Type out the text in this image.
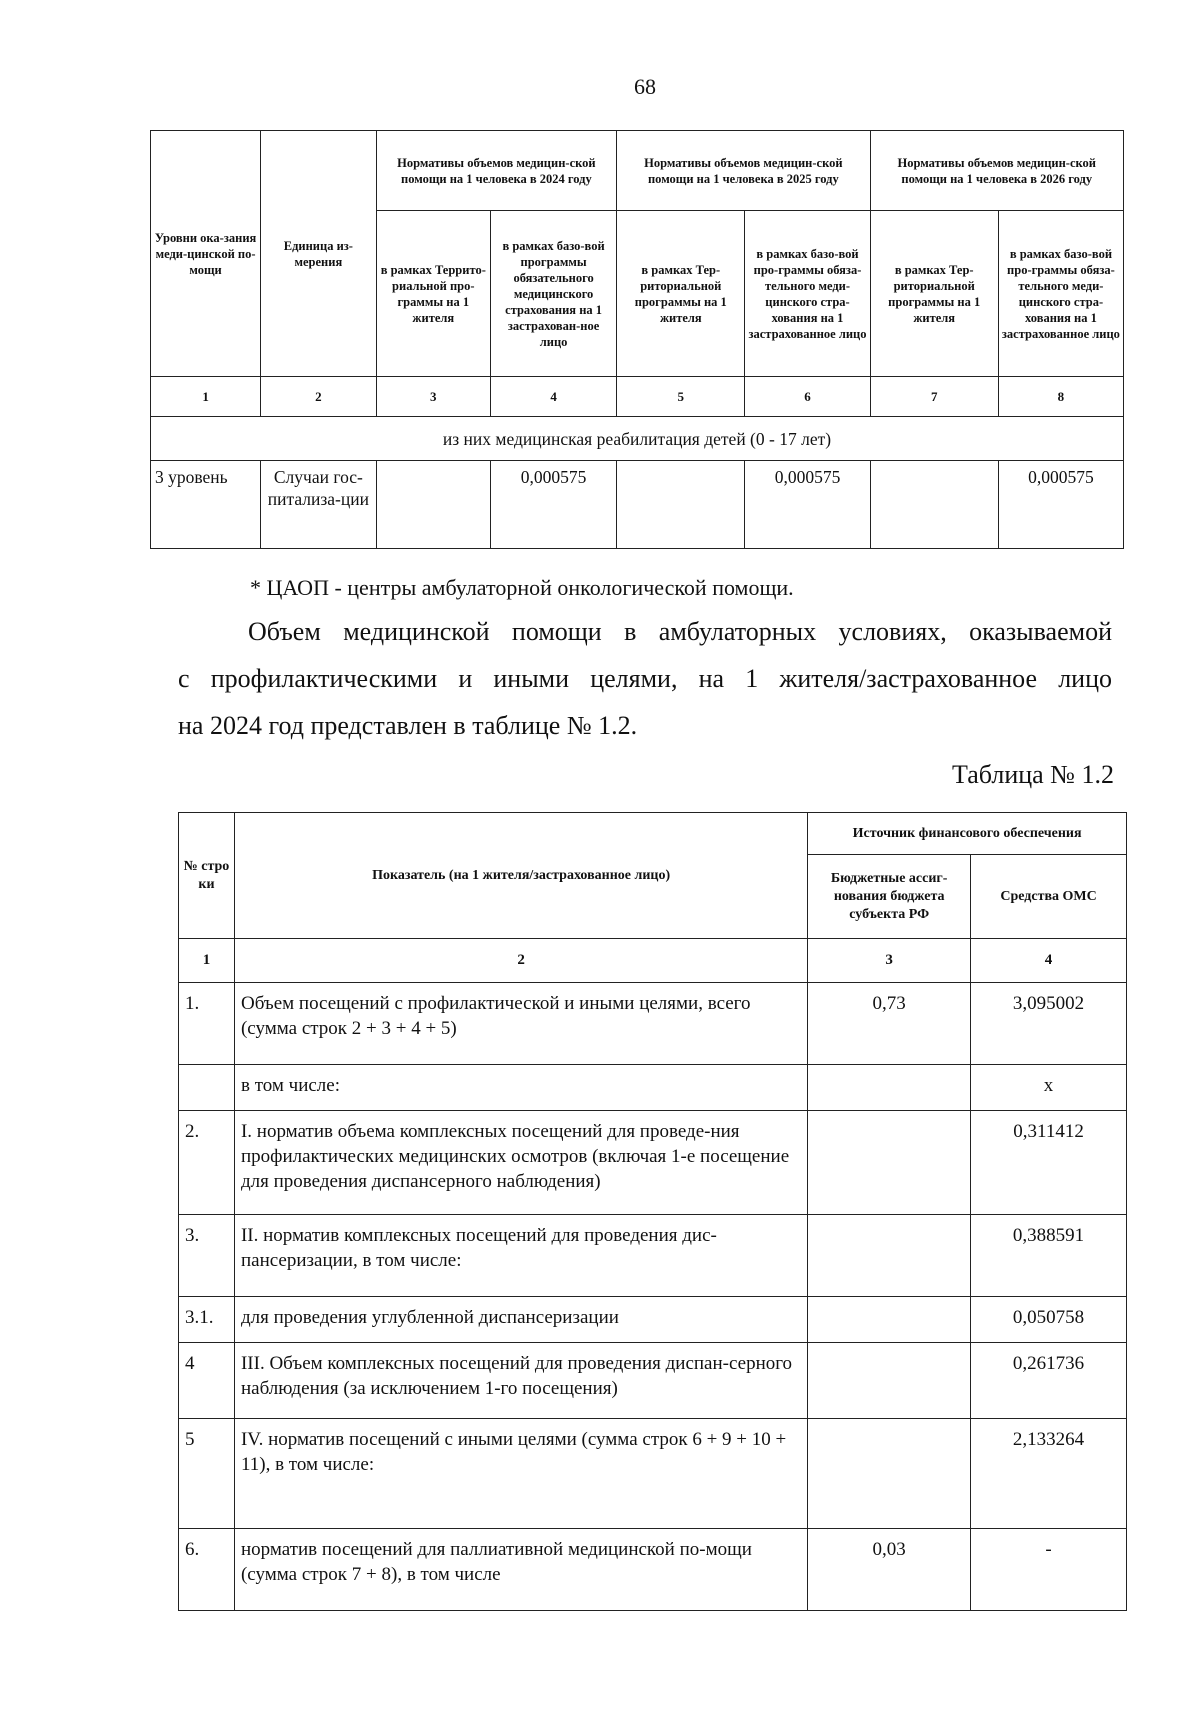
68
Уровни ока-зания меди-цинской по-мощи	Единица из-мерения	Нормативы объемов медицин-ской помощи на 1 человека в 2024 году		Нормативы объемов медицин-ской помощи на 1 человека в 2025 году		Нормативы объемов медицин-ской помощи на 1 человека в 2026 году	
		в рамках Террито-риальной про-граммы на 1 жителя	в рамках базо-вой программы обязательного медицинского страхования на 1 застрахован-ное лицо	в рамках Тер-риториальной программы на 1 жителя	в рамках базо-вой про-граммы обяза-тельного меди-цинского стра-хования на 1 застрахованное лицо	в рамках Тер-риториальной программы на 1 жителя	в рамках базо-вой про-граммы обяза-тельного меди-цинского стра-хования на 1 застрахованное лицо
1	2	3	4	5	6	7	8
из них медицинская реабилитация детей (0 - 17 лет)							
3 уровень	Случаи гос-питализа-ции		0,000575		0,000575		0,000575
* ЦАОП - центры амбулаторной онкологической помощи.
Объем медицинской помощи в амбулаторных условиях, оказываемой
с профилактическими и иными целями, на 1 жителя/застрахованное лицо
на 2024 год представлен в таблице № 1.2.
Таблица № 1.2
№ стро ки	Показатель (на 1 жителя/застрахованное лицо)	Источник финансового обеспечения	
		Бюджетные ассиг-нования бюджета субъекта РФ	Средства ОМС
1	2	3	4
1.	Объем посещений с профилактической и иными целями, всего (сумма строк 2 + 3 + 4 + 5)	0,73	3,095002
	в том числе:		x
2.	I. норматив объема комплексных посещений для проведе-ния профилактических медицинских осмотров (включая 1-е посещение для проведения диспансерного наблюдения)		0,311412
3.	II. норматив комплексных посещений для проведения дис-пансеризации, в том числе:		0,388591
3.1.	для проведения углубленной диспансеризации		0,050758
4	III. Объем комплексных посещений для проведения диспан-серного наблюдения (за исключением 1-го посещения)		0,261736
5	IV. норматив посещений с иными целями (сумма строк 6 + 9 + 10 + 11), в том числе:		2,133264
6.	норматив посещений для паллиативной медицинской по-мощи (сумма строк 7 + 8), в том числе	0,03	-
